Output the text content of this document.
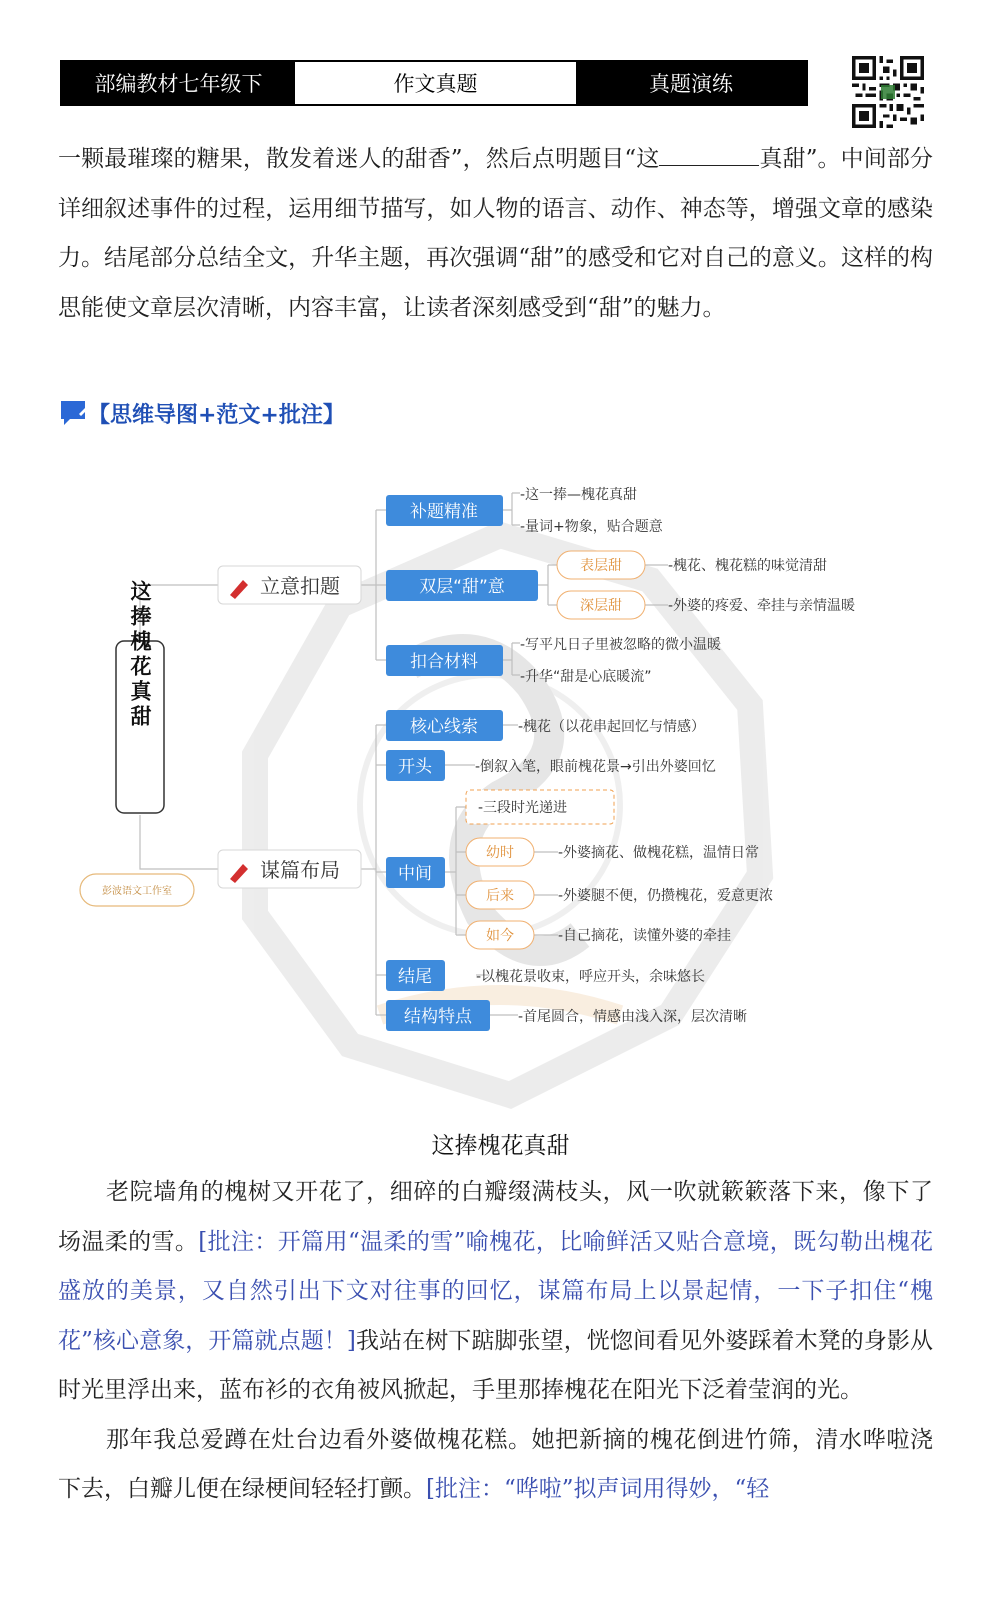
部编教材七年级下	作文真题	真题演练

一颗最璀璨的糖果，散发着迷人的甜香”，然后点明题目“这	真甜”。中间部分详细叙述事件的过程，运用细节描写，如人物的语言、动作、神态等，增强文章的感染力。结尾部分总结全文，升华主题，再次强调“甜”的感受和它对自己的意义。这样的构思能使文章层次清晰，内容丰富，让读者深刻感受到“甜”的魅力。

【思维导图+范文+批注】
这捧槐花真甜
彭波语文工作室
立意扣题
补题精准
-这一捧—槐花真甜
-量词+物象，贴合题意
双层“甜”意
表层甜	-槐花、槐花糕的味觉清甜
深层甜	-外婆的疼爱、牵挂与亲情温暖
扣合材料
-写平凡日子里被忽略的微小温暖
-升华“甜是心底暖流”
谋篇布局
核心线索	-槐花（以花串起回忆与情感）
开头	-倒叙入笔，眼前槐花景→引出外婆回忆
中间
-三段时光递进
幼时	-外婆摘花、做槐花糕，温情日常
后来	-外婆腿不便，仍攒槐花，爱意更浓
如今	-自己摘花，读懂外婆的牵挂
结尾	-以槐花景收束，呼应开头，余味悠长
结构特点	-首尾圆合，情感由浅入深，层次清晰
这捧槐花真甜

老院墙角的槐树又开花了，细碎的白瓣缀满枝头，风一吹就簌簌落下来，像下了场温柔的雪。[批注：开篇用“温柔的雪”喻槐花，比喻鲜活又贴合意境，既勾勒出槐花盛放的美景，又自然引出下文对往事的回忆，谋篇布局上以景起情，一下子扣住“槐花”核心意象，开篇就点题！]我站在树下踮脚张望，恍惚间看见外婆踩着木凳的身影从时光里浮出来，蓝布衫的衣角被风掀起，手里那捧槐花在阳光下泛着莹润的光。

那年我总爱蹲在灶台边看外婆做槐花糕。她把新摘的槐花倒进竹筛，清水哗啦浇下去，白瓣儿便在绿梗间轻轻打颤。[批注：“哗啦”拟声词用得妙，“轻
